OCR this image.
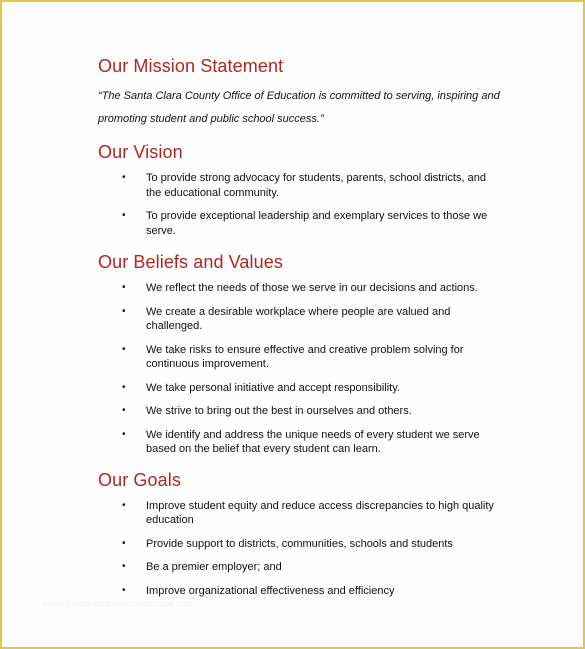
Our Mission Statement

“The Santa Clara County Office of Education is committed to serving, inspiring and
promoting student and public school success.”

Our Vision
• To provide strong advocacy for students, parents, school districts, and the educational community.
• To provide exceptional leadership and exemplary services to those we serve.
Our Beliefs and Values
• We reflect the needs of those we serve in our decisions and actions.
• We create a desirable workplace where people are valued and challenged.
• We take risks to ensure effective and creative problem solving for continuous improvement.
• We take personal initiative and accept responsibility.
• We strive to bring out the best in ourselves and others.
• We identify and address the unique needs of every student we serve based on the belief that every student can learn.
Our Goals
• Improve student equity and reduce access discrepancies to high quality education
• Provide support to districts, communities, schools and students
• Be a premier employer; and
• Improve organizational effectiveness and efficiency
www.freeprintablehomeacoge.com
